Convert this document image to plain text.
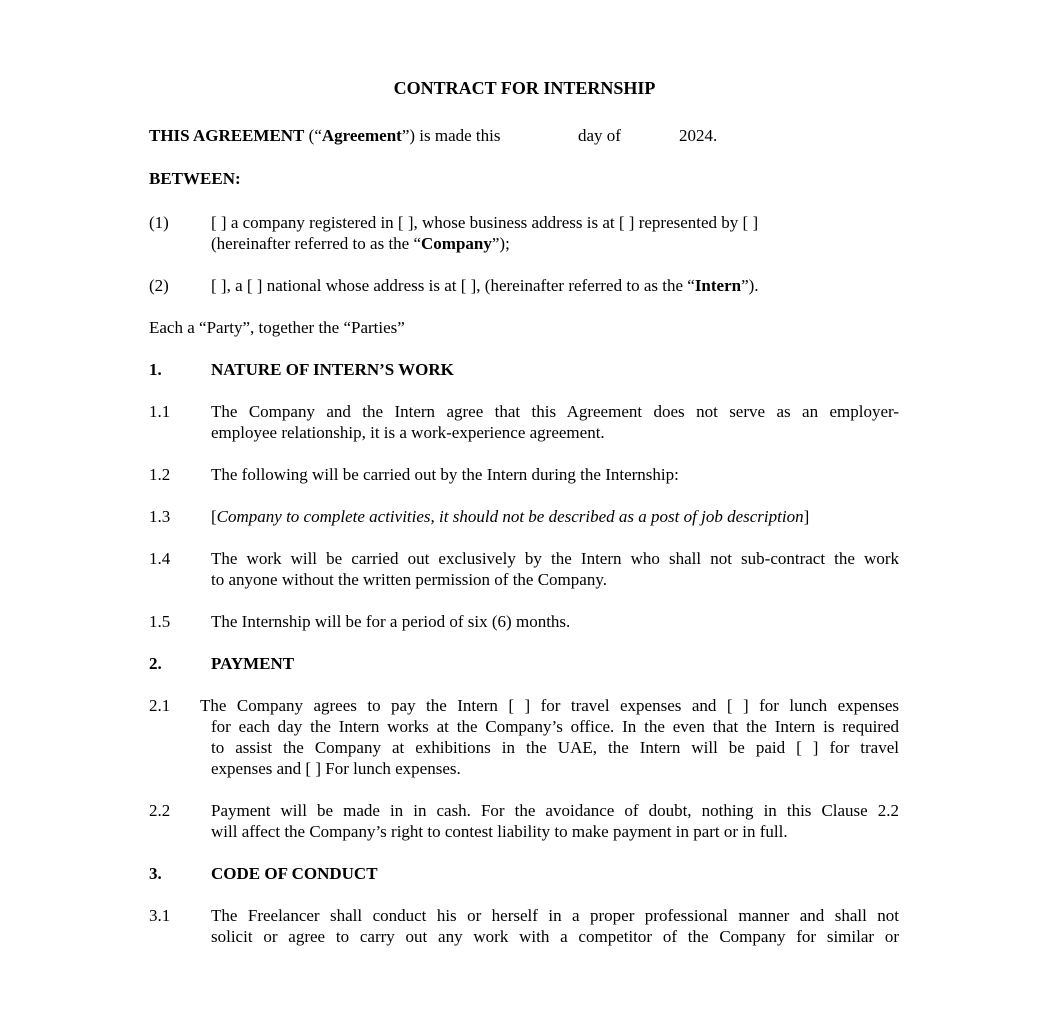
CONTRACT FOR INTERNSHIP
THIS AGREEMENT (“Agreement”) is made this	day of	2024.
BETWEEN:
(1) [ ] a company registered in [ ], whose business address is at [ ] represented by [ ]
(hereinafter referred to as the “Company”);
(2) [ ], a [ ] national whose address is at [ ], (hereinafter referred to as the “Intern”).
Each a “Party”, together the “Parties”
1.	NATURE OF INTERN’S WORK
1.1 The Company and the Intern agree that this Agreement does not serve as an employer-
employee relationship, it is a work-experience agreement.
1.2 The following will be carried out by the Intern during the Internship:
1.3 [Company to complete activities, it should not be described as a post of job description]
1.4 The work will be carried out exclusively by the Intern who shall not sub-contract the work
to anyone without the written permission of the Company.
1.5 The Internship will be for a period of six (6) months.
2.	PAYMENT
2.1 The Company agrees to pay the Intern [ ] for travel expenses and [ ] for lunch expenses
for each day the Intern works at the Company’s office. In the even that the Intern is required
to assist the Company at exhibitions in the UAE, the Intern will be paid [ ] for travel
expenses and [ ] For lunch expenses.
2.2 Payment will be made in in cash. For the avoidance of doubt, nothing in this Clause 2.2
will affect the Company’s right to contest liability to make payment in part or in full.
3.	CODE OF CONDUCT
3.1 The Freelancer shall conduct his or herself in a proper professional manner and shall not
solicit or agree to carry out any work with a competitor of the Company for similar or
